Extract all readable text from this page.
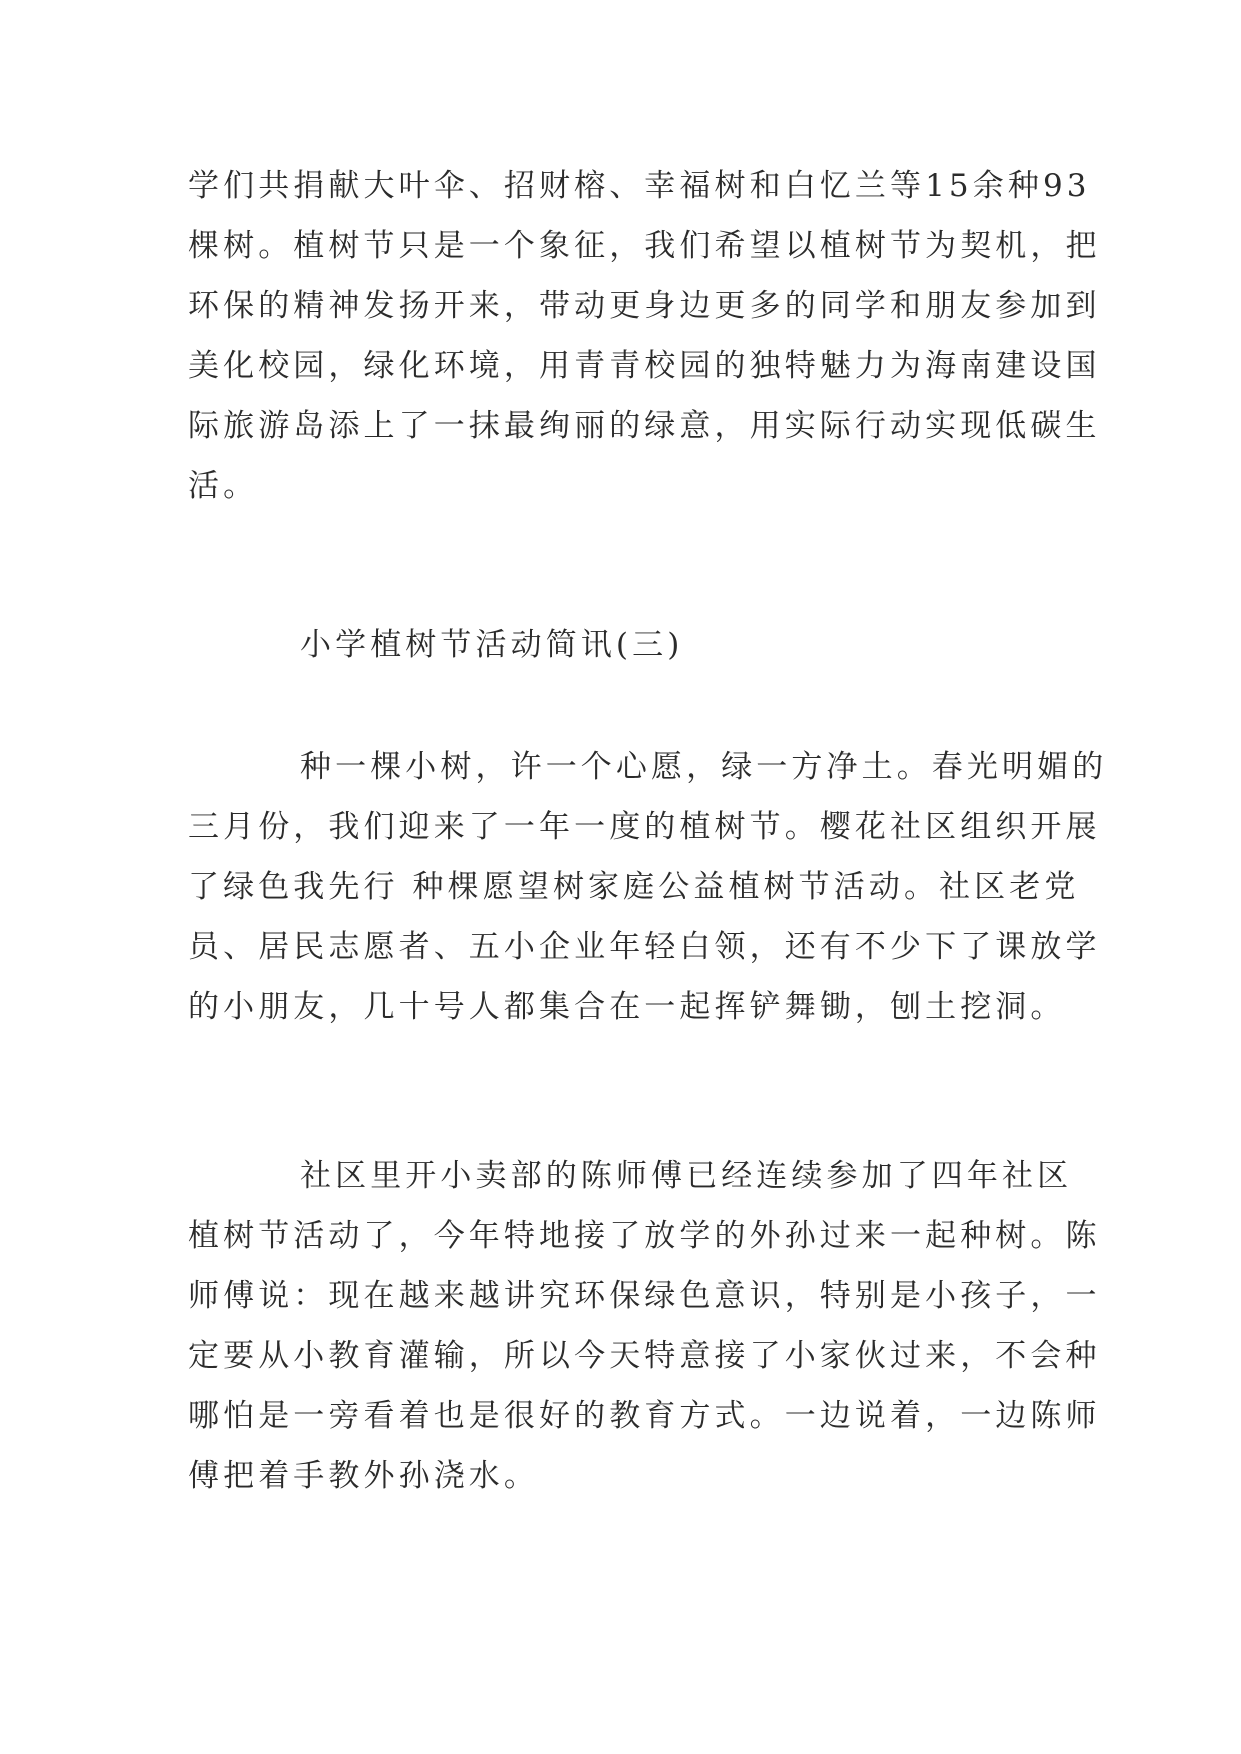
学们共捐献大叶伞、招财榕、幸福树和白忆兰等15余种93

棵树。植树节只是一个象征，我们希望以植树节为契机，把

环保的精神发扬开来，带动更身边更多的同学和朋友参加到

美化校园，绿化环境，用青青校园的独特魅力为海南建设国

际旅游岛添上了一抹最绚丽的绿意，用实际行动实现低碳生

活。

小学植树节活动简讯(三)

种一棵小树，许一个心愿，绿一方净土。春光明媚的

三月份，我们迎来了一年一度的植树节。樱花社区组织开展

了绿色我先行 种棵愿望树家庭公益植树节活动。社区老党

员、居民志愿者、五小企业年轻白领，还有不少下了课放学

的小朋友，几十号人都集合在一起挥铲舞锄，刨土挖洞。

社区里开小卖部的陈师傅已经连续参加了四年社区

植树节活动了，今年特地接了放学的外孙过来一起种树。陈

师傅说：现在越来越讲究环保绿色意识，特别是小孩子，一

定要从小教育灌输，所以今天特意接了小家伙过来，不会种

哪怕是一旁看着也是很好的教育方式。一边说着，一边陈师

傅把着手教外孙浇水。
